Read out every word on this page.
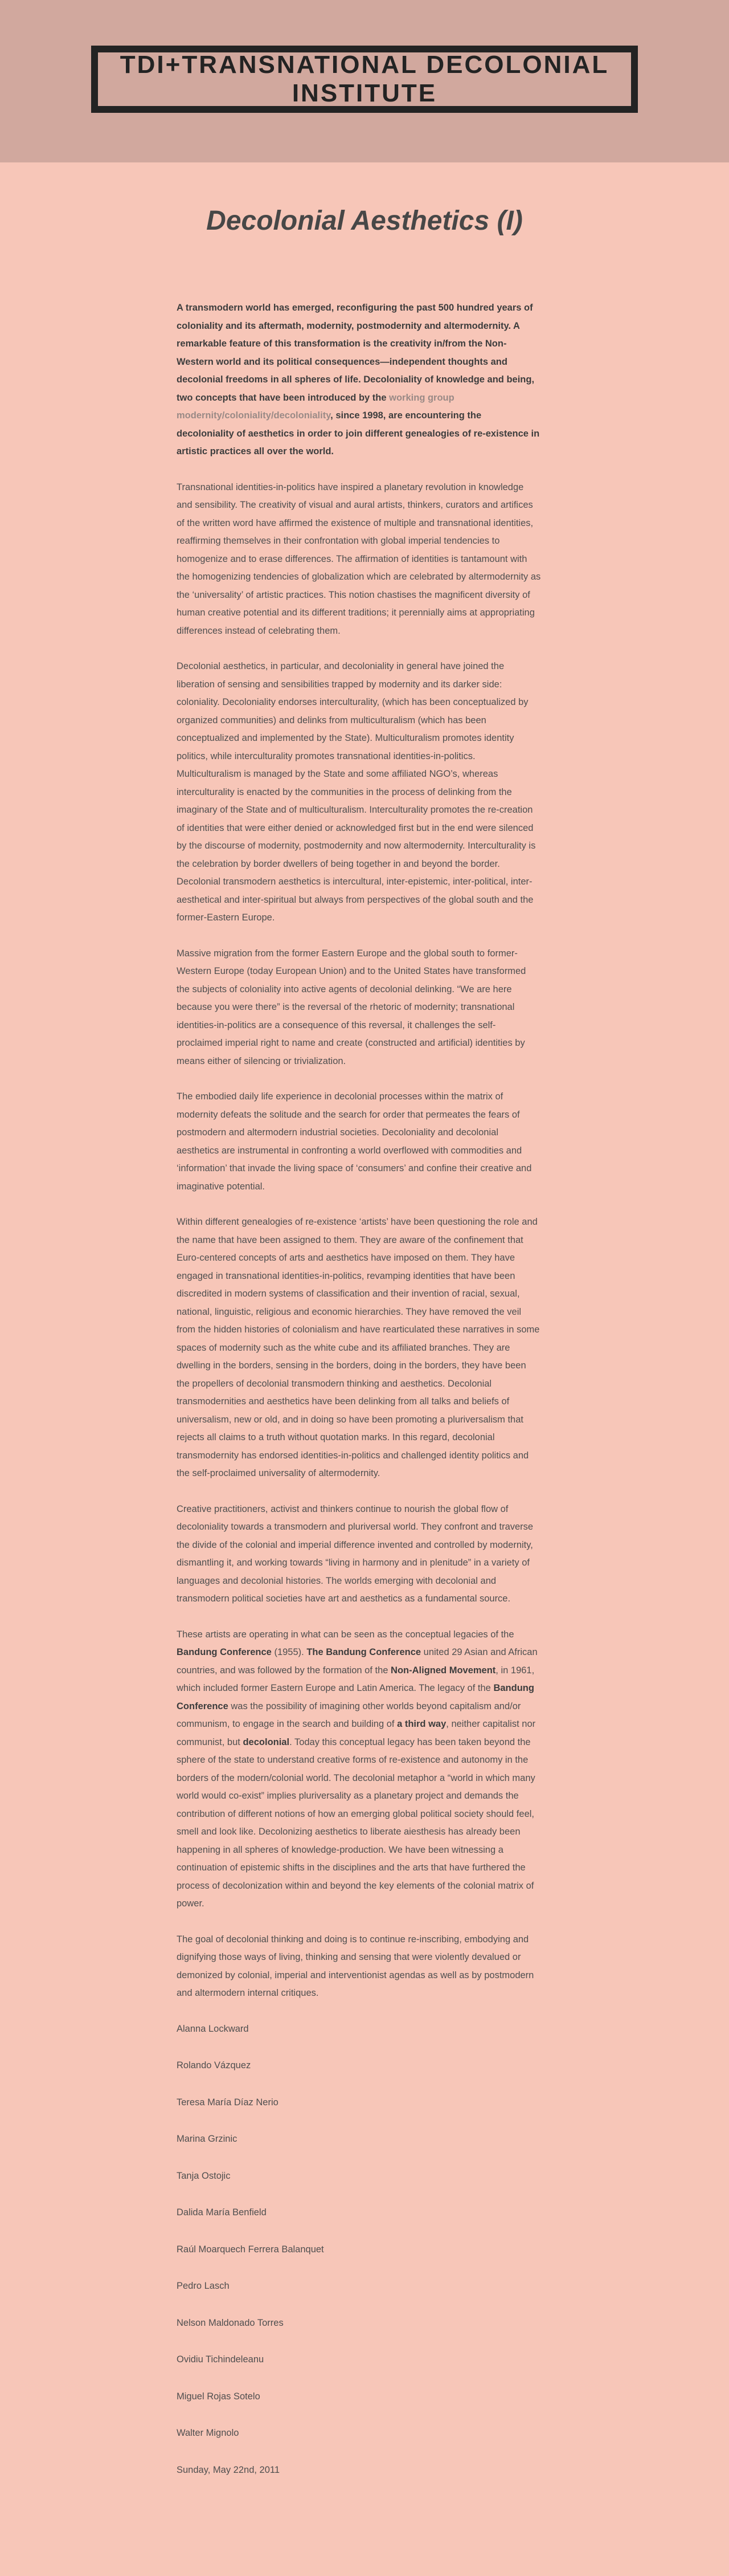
TDI+TRANSNATIONAL DECOLONIAL INSTITUTE
Decolonial Aesthetics (I)

A transmodern world has emerged, reconfiguring the past 500 hundred years of coloniality and its aftermath, modernity, postmodernity and altermodernity. A remarkable feature of this transformation is the creativity in/from the Non-Western world and its political consequences—independent thoughts and decolonial freedoms in all spheres of life. Decoloniality of knowledge and being, two concepts that have been introduced by the working group modernity/coloniality/decoloniality, since 1998, are encountering the decoloniality of aesthetics in order to join different genealogies of re-existence in artistic practices all over the world.

Transnational identities-in-politics have inspired a planetary revolution in knowledge and sensibility. The creativity of visual and aural artists, thinkers, curators and artifices of the written word have affirmed the existence of multiple and transnational identities, reaffirming themselves in their confrontation with global imperial tendencies to homogenize and to erase differences. The affirmation of identities is tantamount with the homogenizing tendencies of globalization which are celebrated by altermodernity as the ‘universality’ of artistic practices. This notion chastises the magnificent diversity of human creative potential and its different traditions; it perennially aims at appropriating differences instead of celebrating them.

Decolonial aesthetics, in particular, and decoloniality in general have joined the liberation of sensing and sensibilities trapped by modernity and its darker side: coloniality. Decoloniality endorses interculturality, (which has been conceptualized by organized communities) and delinks from multiculturalism (which has been conceptualized and implemented by the State). Multiculturalism promotes identity politics, while interculturality promotes transnational identities-in-politics. Multiculturalism is managed by the State and some affiliated NGO’s, whereas interculturality is enacted by the communities in the process of delinking from the imaginary of the State and of multiculturalism. Interculturality promotes the re-creation of identities that were either denied or acknowledged first but in the end were silenced by the discourse of modernity, postmodernity and now altermodernity. Interculturality is the celebration by border dwellers of being together in and beyond the border. Decolonial transmodern aesthetics is intercultural, inter-epistemic, inter-political, inter-aesthetical and inter-spiritual but always from perspectives of the global south and the former-Eastern Europe.

Massive migration from the former Eastern Europe and the global south to former-Western Europe (today European Union) and to the United States have transformed the subjects of coloniality into active agents of decolonial delinking. “We are here because you were there” is the reversal of the rhetoric of modernity; transnational identities-in-politics are a consequence of this reversal, it challenges the self-proclaimed imperial right to name and create (constructed and artificial) identities by means either of silencing or trivialization.

The embodied daily life experience in decolonial processes within the matrix of modernity defeats the solitude and the search for order that permeates the fears of postmodern and altermodern industrial societies. Decoloniality and decolonial aesthetics are instrumental in confronting a world overflowed with commodities and ‘information’ that invade the living space of ‘consumers’ and confine their creative and imaginative potential.

Within different genealogies of re-existence ‘artists’ have been questioning the role and the name that have been assigned to them. They are aware of the confinement that Euro-centered concepts of arts and aesthetics have imposed on them. They have engaged in transnational identities-in-politics, revamping identities that have been discredited in modern systems of classification and their invention of racial, sexual, national, linguistic, religious and economic hierarchies. They have removed the veil from the hidden histories of colonialism and have rearticulated these narratives in some spaces of modernity such as the white cube and its affiliated branches. They are dwelling in the borders, sensing in the borders, doing in the borders, they have been the propellers of decolonial transmodern thinking and aesthetics. Decolonial transmodernities and aesthetics have been delinking from all talks and beliefs of universalism, new or old, and in doing so have been promoting a pluriversalism that rejects all claims to a truth without quotation marks. In this regard, decolonial transmodernity has endorsed identities-in-politics and challenged identity politics and the self-proclaimed universality of altermodernity.

Creative practitioners, activist and thinkers continue to nourish the global flow of decoloniality towards a transmodern and pluriversal world. They confront and traverse the divide of the colonial and imperial difference invented and controlled by modernity, dismantling it, and working towards “living in harmony and in plenitude” in a variety of languages and decolonial histories. The worlds emerging with decolonial and transmodern political societies have art and aesthetics as a fundamental source.

These artists are operating in what can be seen as the conceptual legacies of the Bandung Conference (1955). The Bandung Conference united 29 Asian and African countries, and was followed by the formation of the Non-Aligned Movement, in 1961, which included former Eastern Europe and Latin America. The legacy of the Bandung Conference was the possibility of imagining other worlds beyond capitalism and/or communism, to engage in the search and building of a third way, neither capitalist nor communist, but decolonial. Today this conceptual legacy has been taken beyond the sphere of the state to understand creative forms of re-existence and autonomy in the borders of the modern/colonial world. The decolonial metaphor a “world in which many world would co-exist” implies pluriversality as a planetary project and demands the contribution of different notions of how an emerging global political society should feel, smell and look like. Decolonizing aesthetics to liberate aiesthesis has already been happening in all spheres of knowledge-production. We have been witnessing a continuation of epistemic shifts in the disciplines and the arts that have furthered the process of decolonization within and beyond the key elements of the colonial matrix of power.

The goal of decolonial thinking and doing is to continue re-inscribing, embodying and dignifying those ways of living, thinking and sensing that were violently devalued or demonized by colonial, imperial and interventionist agendas as well as by postmodern and altermodern internal critiques.

Alanna Lockward

Rolando Vázquez

Teresa María Díaz Nerio

Marina Grzinic

Tanja Ostojic

Dalida María Benfield

Raúl Moarquech Ferrera Balanquet

Pedro Lasch

Nelson Maldonado Torres

Ovidiu Tichindeleanu

Miguel Rojas Sotelo

Walter Mignolo

Sunday, May 22nd, 2011
